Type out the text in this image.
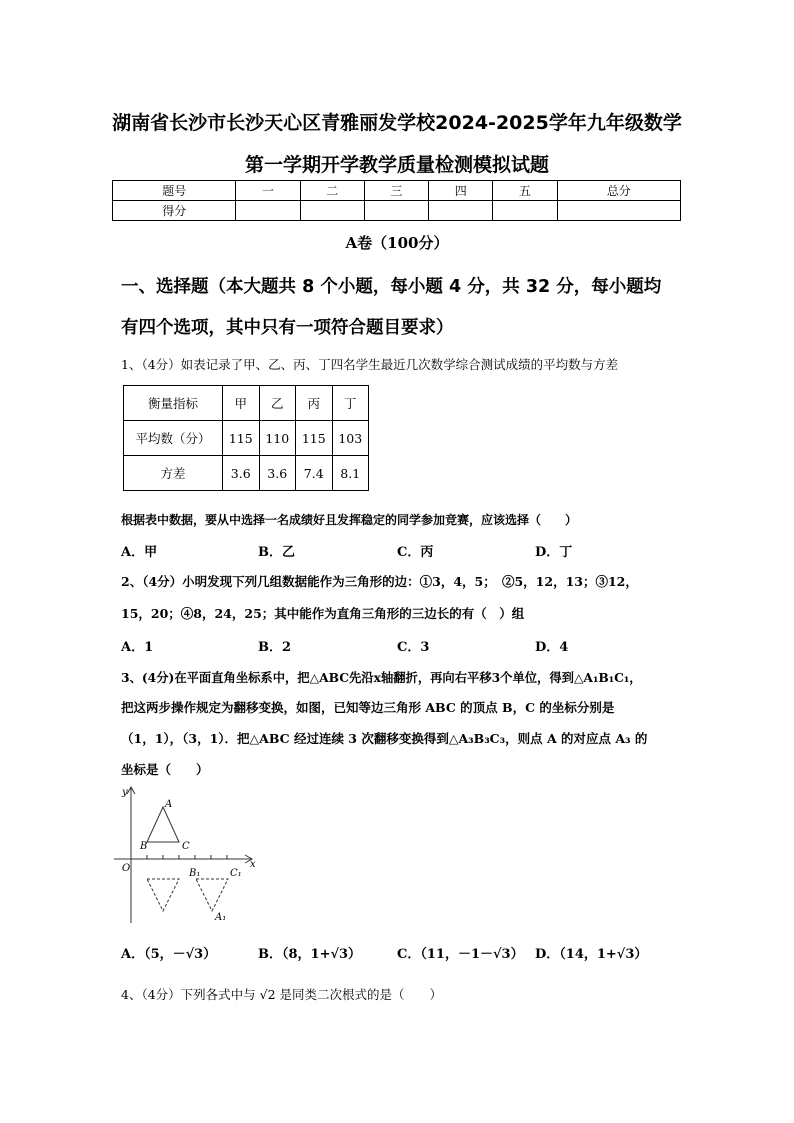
湖南省长沙市长沙天心区青雅丽发学校2024-2025学年九年级数学
第一学期开学教学质量检测模拟试题
题号	一	二	三	四	五	总分
得分						
A卷（100分）
一、选择题（本大题共 8 个小题，每小题 4 分，共 32 分，每小题均
有四个选项，其中只有一项符合题目要求）
1、（4分）如表记录了甲、乙、丙、丁四名学生最近几次数学综合测试成绩的平均数与方差
衡量指标	甲	乙	丙	丁
平均数（分）	115	110	115	103
方差	3.6	3.6	7.4	8.1
根据表中数据，要从中选择一名成绩好且发挥稳定的同学参加竞赛，应该选择（　　）
A．甲	B．乙	C．丙	D．丁
2、（4分）小明发现下列几组数据能作为三角形的边：①3，4，5；　②5，12，13；③12，
15，20；④8，24，25；其中能作为直角三角形的三边长的有（　）组
A．1	B．2	C．3	D．4
3、(4分)在平面直角坐标系中，把△ABC先沿x轴翻折，再向右平移3个单位，得到△A₁B₁C₁，
把这两步操作规定为翻移变换，如图，已知等边三角形 ABC 的顶点 B，C 的坐标分别是
（1，1），（3，1）．把△ABC 经过连续 3 次翻移变换得到△A₃B₃C₃，则点 A 的对应点 A₃ 的
坐标是（　　）
y
x
O
A
B	C
B₁	C₁
A₁
A．（5，－√3）	B．（8，1+√3）	C．（11，－1－√3） D．（14，1+√3）
4、（4分）下列各式中与 √2 是同类二次根式的是（　　）
